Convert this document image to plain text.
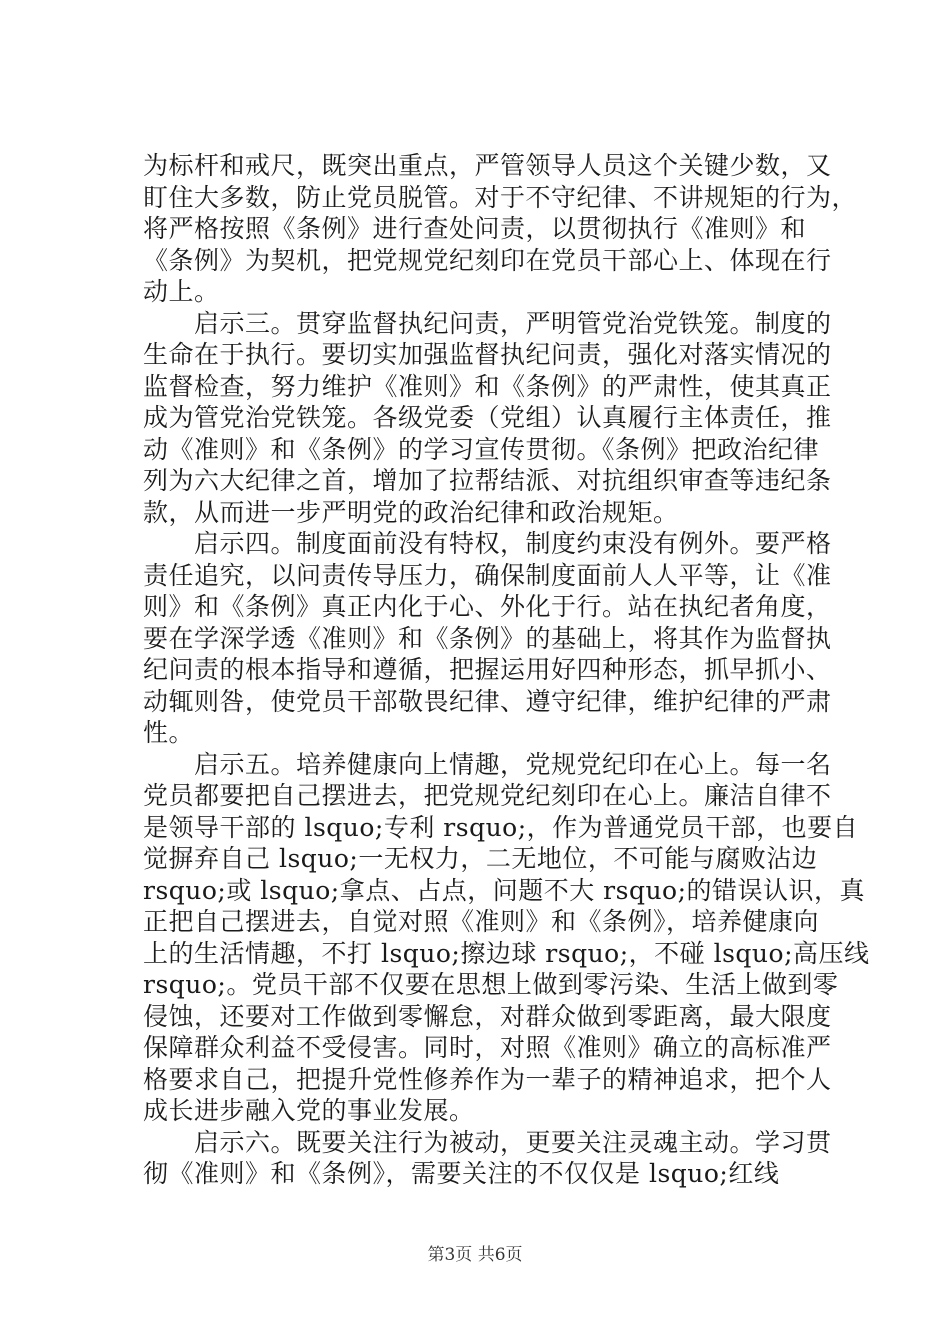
为标杆和戒尺，既突出重点，严管领导人员这个关键少数，又
盯住大多数，防止党员脱管。对于不守纪律、不讲规矩的行为，
将严格按照《条例》进行查处问责，以贯彻执行《准则》和
《条例》为契机，把党规党纪刻印在党员干部心上、体现在行
动上。
　　启示三。贯穿监督执纪问责，严明管党治党铁笼。制度的
生命在于执行。要切实加强监督执纪问责，强化对落实情况的
监督检查，努力维护《准则》和《条例》的严肃性，使其真正
成为管党治党铁笼。各级党委（党组）认真履行主体责任，推
动《准则》和《条例》的学习宣传贯彻。《条例》把政治纪律
列为六大纪律之首，增加了拉帮结派、对抗组织审查等违纪条
款，从而进一步严明党的政治纪律和政治规矩。
　　启示四。制度面前没有特权，制度约束没有例外。要严格
责任追究，以问责传导压力，确保制度面前人人平等，让《准
则》和《条例》真正内化于心、外化于行。站在执纪者角度，
要在学深学透《准则》和《条例》的基础上，将其作为监督执
纪问责的根本指导和遵循，把握运用好四种形态，抓早抓小、
动辄则咎，使党员干部敬畏纪律、遵守纪律，维护纪律的严肃
性。
　　启示五。培养健康向上情趣，党规党纪印在心上。每一名
党员都要把自己摆进去，把党规党纪刻印在心上。廉洁自律不
是领导干部的 lsquo;专利 rsquo;，作为普通党员干部，也要自
觉摒弃自己 lsquo;一无权力，二无地位，不可能与腐败沾边
rsquo;或 lsquo;拿点、占点，问题不大 rsquo;的错误认识，真
正把自己摆进去，自觉对照《准则》和《条例》，培养健康向
上的生活情趣，不打 lsquo;擦边球 rsquo;，不碰 lsquo;高压线
rsquo;。党员干部不仅要在思想上做到零污染、生活上做到零
侵蚀，还要对工作做到零懈怠，对群众做到零距离，最大限度
保障群众利益不受侵害。同时，对照《准则》确立的高标准严
格要求自己，把提升党性修养作为一辈子的精神追求，把个人
成长进步融入党的事业发展。
　　启示六。既要关注行为被动，更要关注灵魂主动。学习贯
彻《准则》和《条例》，需要关注的不仅仅是 lsquo;红线
第3页 共6页
